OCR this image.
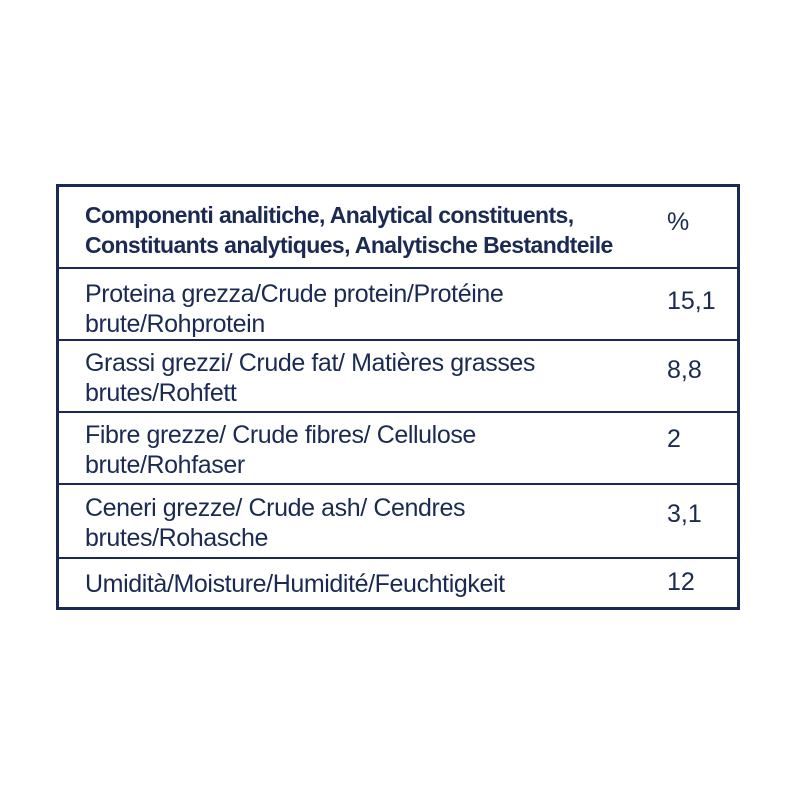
Componenti analitiche, Analytical constituents,
Constituants analytiques, Analytische Bestandteile
%
Proteina grezza/Crude protein/Protéine
brute/Rohprotein
15,1
Grassi grezzi/ Crude fat/ Matières grasses
brutes/Rohfett
8,8
Fibre grezze/ Crude fibres/ Cellulose
brute/Rohfaser
2
Ceneri grezze/ Crude ash/ Cendres
brutes/Rohasche
3,1
Umidità/Moisture/Humidité/Feuchtigkeit	12
